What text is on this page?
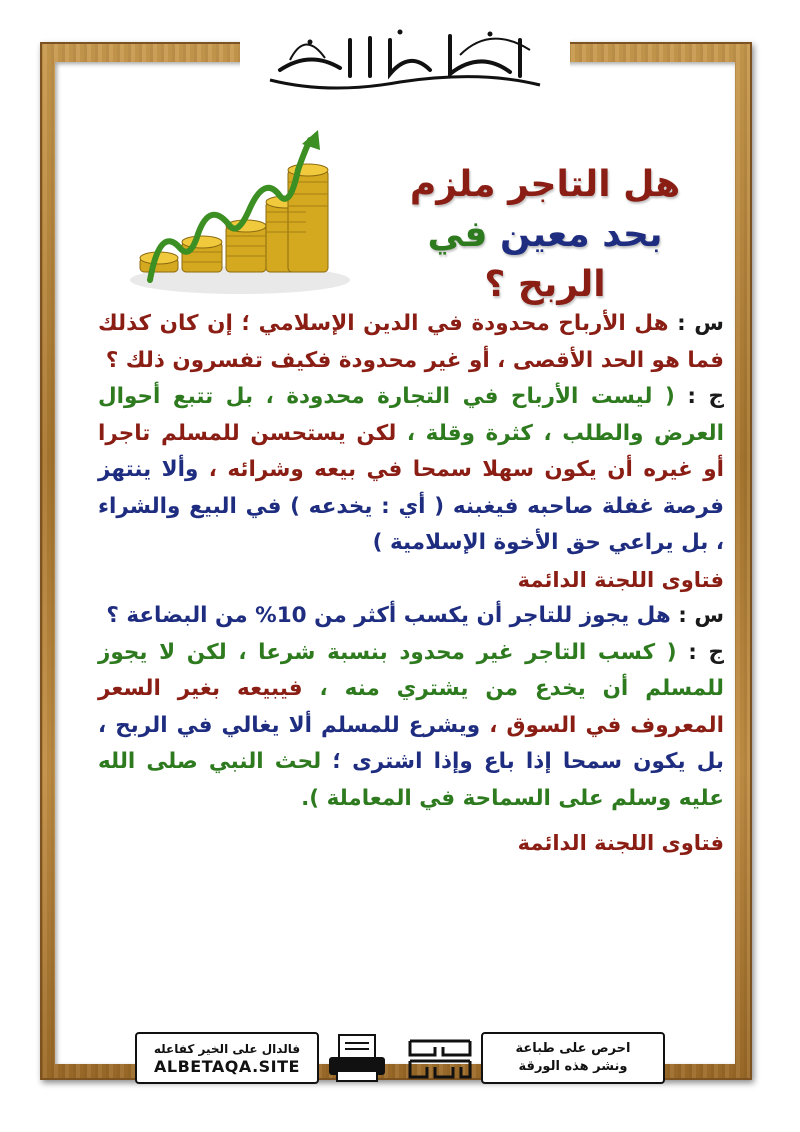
هل التاجر ملزم
بحد معين في الربح ؟

س : هل الأرباح محدودة في الدين الإسلامي ؛ إن كان كذلك فما هو الحد الأقصى ، أو غير محدودة فكيف تفسرون ذلك ؟

ج : ( ليست الأرباح في التجارة محدودة ، بل تتبع أحوال العرض والطلب ، كثرة وقلة ، لكن يستحسن للمسلم تاجرا أو غيره أن يكون سهلا سمحا في بيعه وشرائه ، وألا ينتهز فرصة غفلة صاحبه فيغبنه ( أي : يخدعه ) في البيع والشراء ، بل يراعي حق الأخوة الإسلامية )

فتاوى اللجنة الدائمة

س : هل يجوز للتاجر أن يكسب أكثر من 10% من البضاعة ؟

ج : ( كسب التاجر غير محدود بنسبة شرعا ، لكن لا يجوز للمسلم أن يخدع من يشتري منه ، فيبيعه بغير السعر المعروف في السوق ، ويشرع للمسلم ألا يغالي في الربح ، بل يكون سمحا إذا باع وإذا اشترى ؛ لحث النبي صلى الله عليه وسلم على السماحة في المعاملة ).

فتاوى اللجنة الدائمة

فالدال على الخير كفاعله
ALBETAQA.SITE
احرص على طباعة
ونشر هذه الورقة
